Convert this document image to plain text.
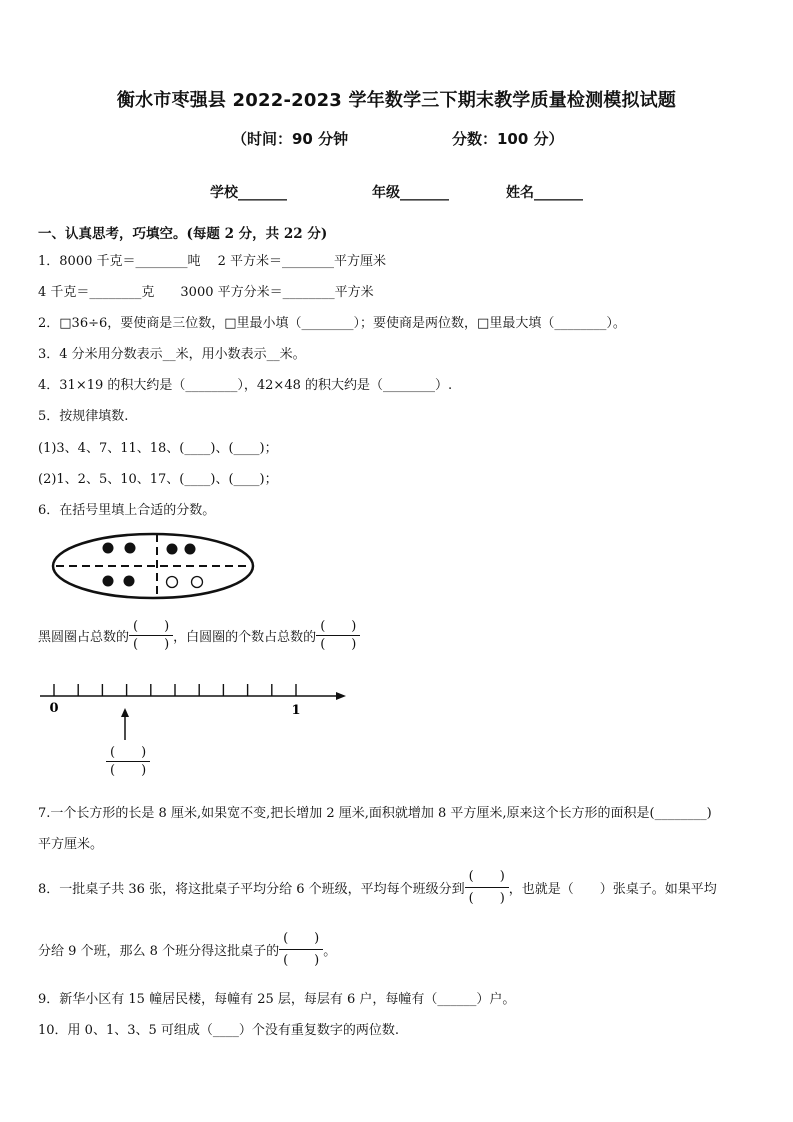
衡水市枣强县 2022-2023 学年数学三下期末教学质量检测模拟试题
（时间：90 分钟	分数：100 分）
学校_______	年级_______	姓名_______
一、认真思考，巧填空。(每题 2 分，共 22 分)
1．8000 千克＝________吨　 2 平方米＝________平方厘米
4 千克＝________克　　3000 平方分米＝________平方米
2．□36÷6，要使商是三位数，□里最小填（________）；要使商是两位数，□里最大填（________）。
3．4 分米用分数表示__米，用小数表示__米。
4．31×19 的积大约是（________），42×48 的积大约是（________）.
5．按规律填数.
(1)3、4、7、11、18、(____)、(____)；
(2)1、2、5、10、17、(____)、(____)；
6．在括号里填上合适的分数。
黑圆圈占总数的 $\frac{( )}{( )}$ ，白圆圈的个数占总数的 $\frac{( )}{( )}$
0	1
$\frac{( )}{( )}$
7.一个长方形的长是 8 厘米,如果宽不变,把长增加 2 厘米,面积就增加 8 平方厘米,原来这个长方形的面积是(________)
平方厘米。
8．一批桌子共 36 张，将这批桌子平均分给 6 个班级，平均每个班级分到 $\frac{( )}{( )}$ ，也就是（　　）张桌子。如果平均
分给 9 个班，那么 8 个班分得这批桌子的 $\frac{( )}{( )}$ 。
9．新华小区有 15 幢居民楼，每幢有 25 层，每层有 6 户，每幢有（______）户。
10．用 0、1、3、5 可组成（____）个没有重复数字的两位数.
